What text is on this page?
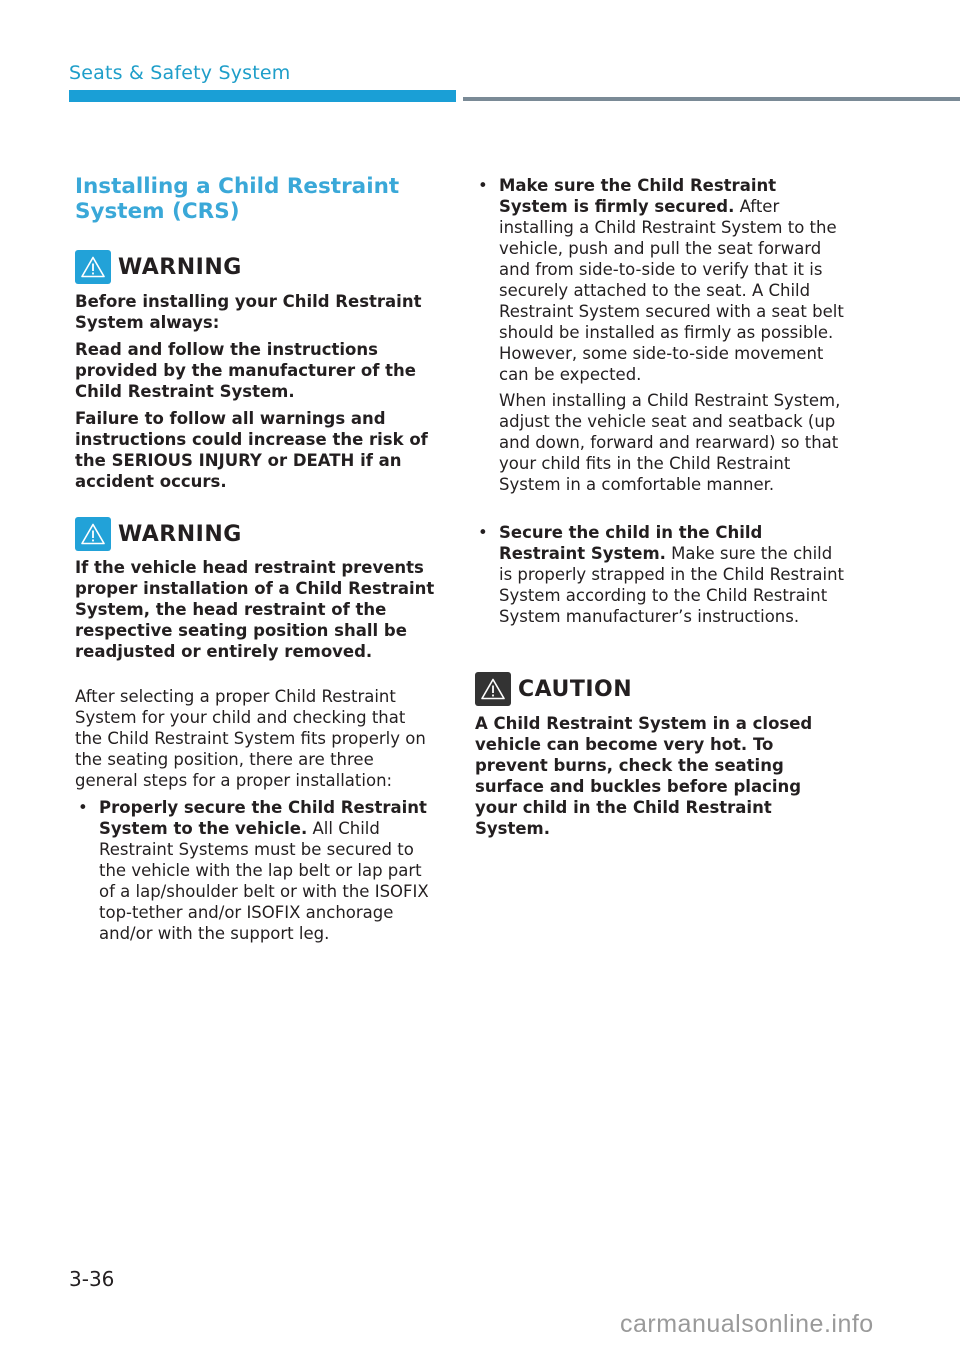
Seats & Safety System
Installing a Child Restraint System (CRS)
WARNING

Before installing your Child Restraint System always:

Read and follow the instructions provided by the manufacturer of the Child Restraint System.

Failure to follow all warnings and instructions could increase the risk of the SERIOUS INJURY or DEATH if an accident occurs.

WARNING

If the vehicle head restraint prevents proper installation of a Child Restraint System, the head restraint of the respective seating position shall be readjusted or entirely removed.

After selecting a proper Child Restraint System for your child and checking that the Child Restraint System fits properly on the seating position, there are three general steps for a proper installation:

• Properly secure the Child Restraint System to the vehicle. All Child Restraint Systems must be secured to the vehicle with the lap belt or lap part of a lap/shoulder belt or with the ISOFIX top-tether and/or ISOFIX anchorage and/or with the support leg.

• Make sure the Child Restraint System is firmly secured. After installing a Child Restraint System to the vehicle, push and pull the seat forward and from side-to-side to verify that it is securely attached to the seat. A Child Restraint System secured with a seat belt should be installed as firmly as possible. However, some side-to-side movement can be expected.

When installing a Child Restraint System, adjust the vehicle seat and seatback (up and down, forward and rearward) so that your child fits in the Child Restraint System in a comfortable manner.

• Secure the child in the Child Restraint System. Make sure the child is properly strapped in the Child Restraint System according to the Child Restraint System manufacturer’s instructions.

CAUTION

A Child Restraint System in a closed vehicle can become very hot. To prevent burns, check the seating surface and buckles before placing your child in the Child Restraint System.

3-36
carmanualsonline.info
